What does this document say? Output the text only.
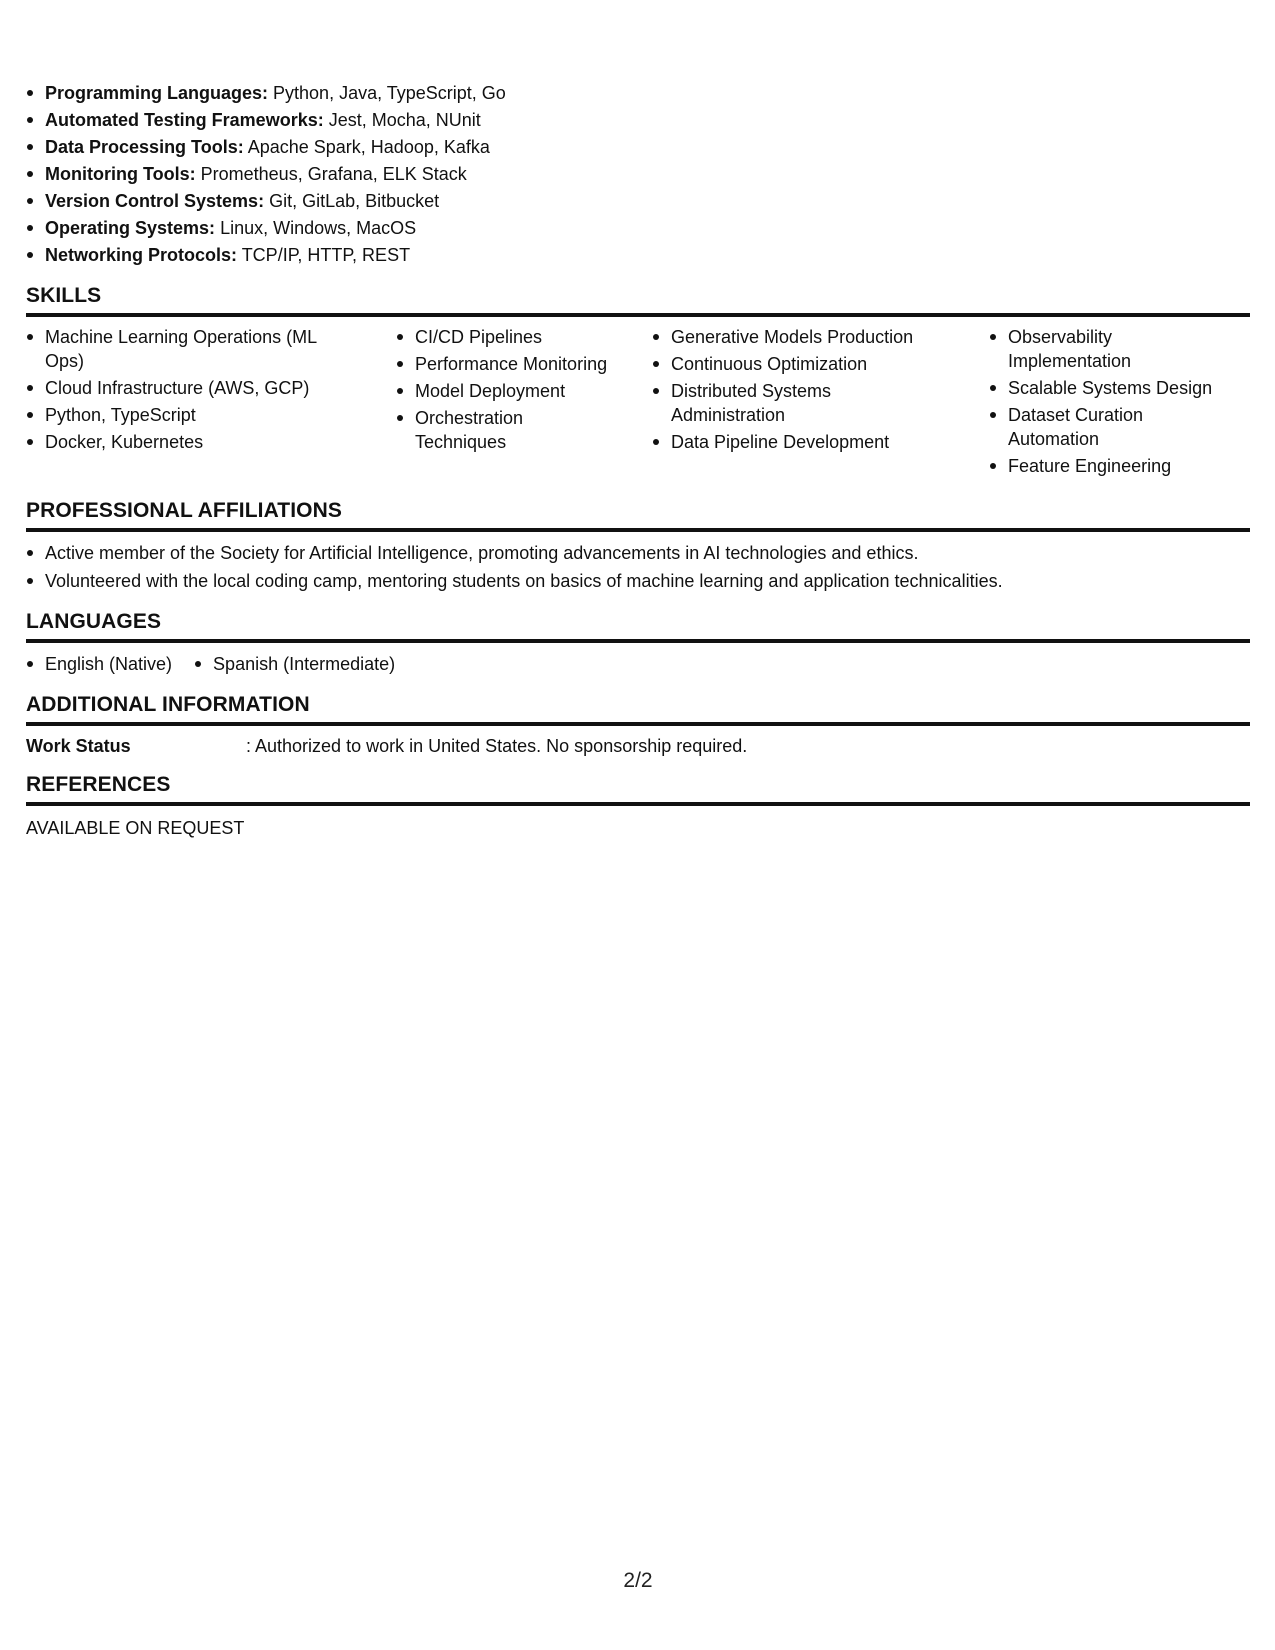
Programming Languages: Python, Java, TypeScript, Go
Automated Testing Frameworks: Jest, Mocha, NUnit
Data Processing Tools: Apache Spark, Hadoop, Kafka
Monitoring Tools: Prometheus, Grafana, ELK Stack
Version Control Systems: Git, GitLab, Bitbucket
Operating Systems: Linux, Windows, MacOS
Networking Protocols: TCP/IP, HTTP, REST
SKILLS
Machine Learning Operations (ML Ops)
Cloud Infrastructure (AWS, GCP)
Python, TypeScript
Docker, Kubernetes
CI/CD Pipelines
Performance Monitoring
Model Deployment
Orchestration Techniques
Generative Models Production
Continuous Optimization
Distributed Systems Administration
Data Pipeline Development
Observability Implementation
Scalable Systems Design
Dataset Curation Automation
Feature Engineering
PROFESSIONAL AFFILIATIONS
Active member of the Society for Artificial Intelligence, promoting advancements in AI technologies and ethics.
Volunteered with the local coding camp, mentoring students on basics of machine learning and application technicalities.
LANGUAGES
English (Native)	Spanish (Intermediate)
ADDITIONAL INFORMATION
Work Status	: Authorized to work in United States. No sponsorship required.
REFERENCES
AVAILABLE ON REQUEST
2/2
